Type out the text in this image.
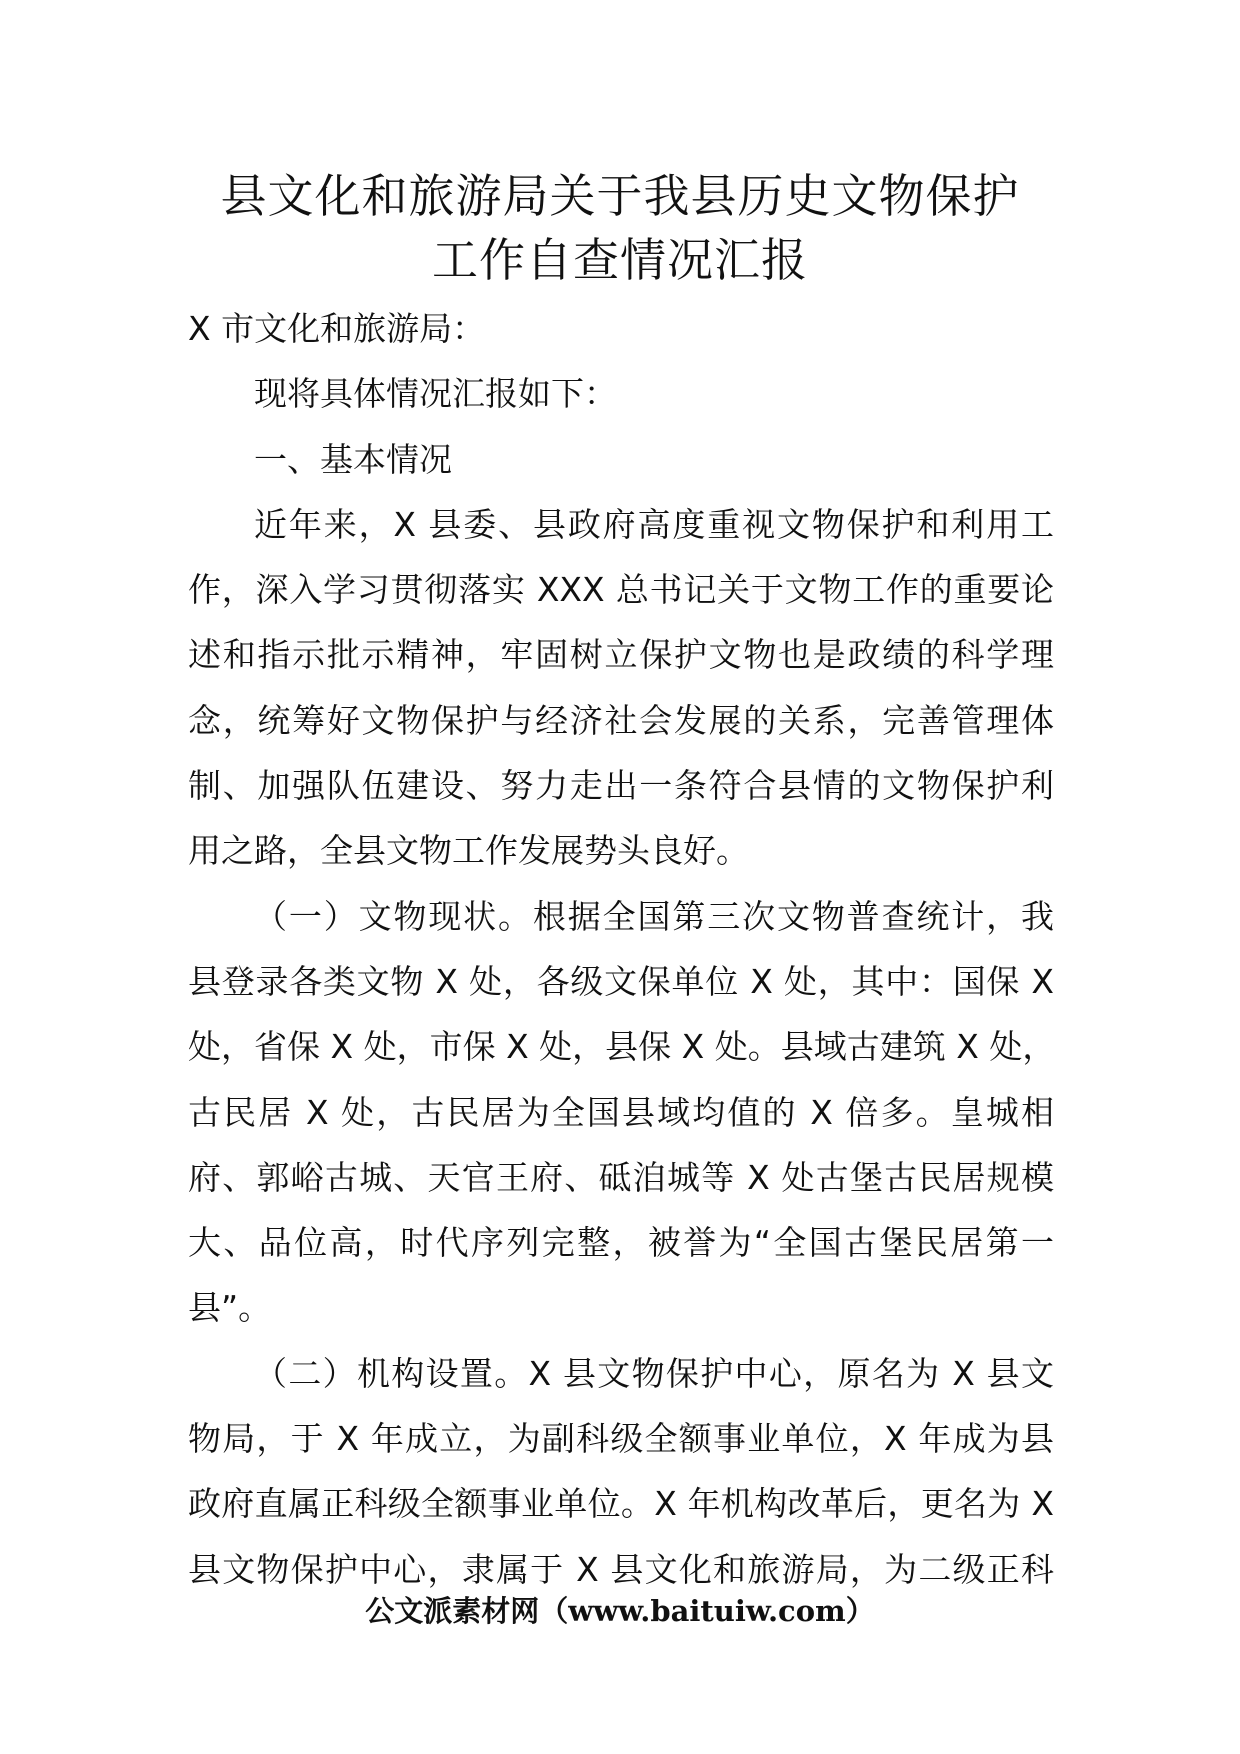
县文化和旅游局关于我县历史文物保护
工作自查情况汇报

X 市文化和旅游局：

现将具体情况汇报如下：

一、基本情况

近年来，X 县委、县政府高度重视文物保护和利用工
作，深入学习贯彻落实 XXX 总书记关于文物工作的重要论
述和指示批示精神，牢固树立保护文物也是政绩的科学理
念，统筹好文物保护与经济社会发展的关系，完善管理体
制、加强队伍建设、努力走出一条符合县情的文物保护利
用之路，全县文物工作发展势头良好。

（一）文物现状。根据全国第三次文物普查统计，我
县登录各类文物 X 处，各级文保单位 X 处，其中：国保 X
处，省保 X 处，市保 X 处，县保 X 处。县域古建筑 X 处，
古民居 X 处，古民居为全国县域均值的 X 倍多。皇城相
府、郭峪古城、天官王府、砥洎城等 X 处古堡古民居规模
大、品位高，时代序列完整，被誉为“全国古堡民居第一
县”。

（二）机构设置。X 县文物保护中心，原名为 X 县文
物局，于 X 年成立，为副科级全额事业单位，X 年成为县
政府直属正科级全额事业单位。X 年机构改革后，更名为 X
县文物保护中心，隶属于 X 县文化和旅游局，为二级正科

公文派素材网（www.baituiw.com）
